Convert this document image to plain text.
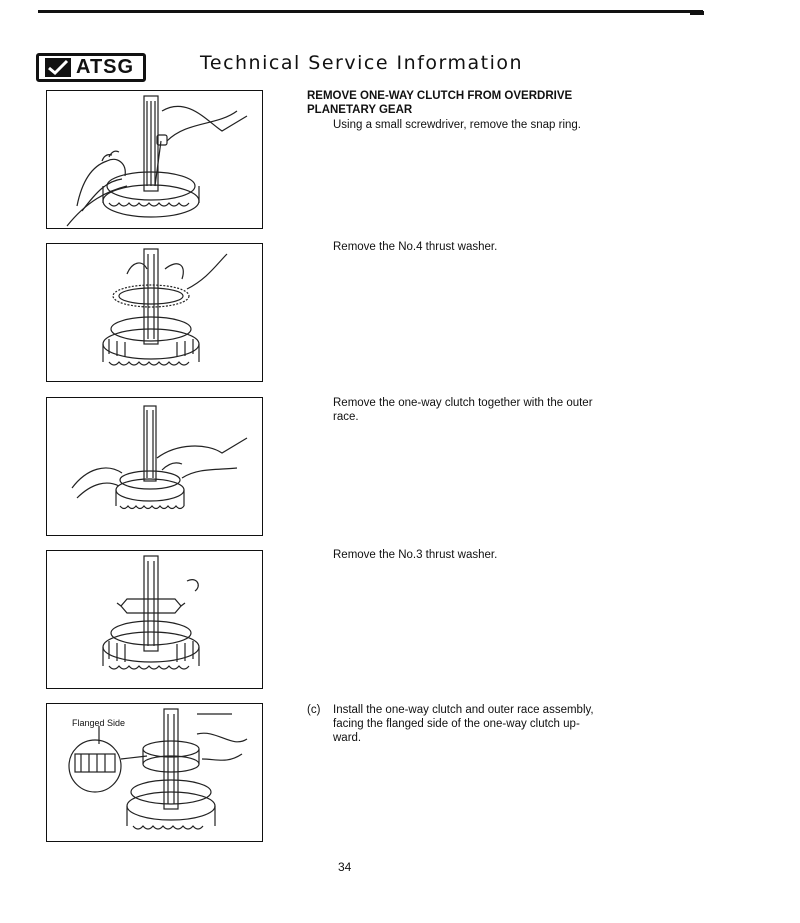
ATSG	Technical Service Information
REMOVE ONE-WAY CLUTCH FROM OVERDRIVE
PLANETARY GEAR
Using a small screwdriver, remove the snap ring.
Remove the No.4 thrust washer.
Remove the one-way clutch together with the outer
race.
Remove the No.3 thrust washer.
Flanged Side
(c)	Install the one-way clutch and outer race assembly,
facing the flanged side of the one-way clutch up-
ward.
34
